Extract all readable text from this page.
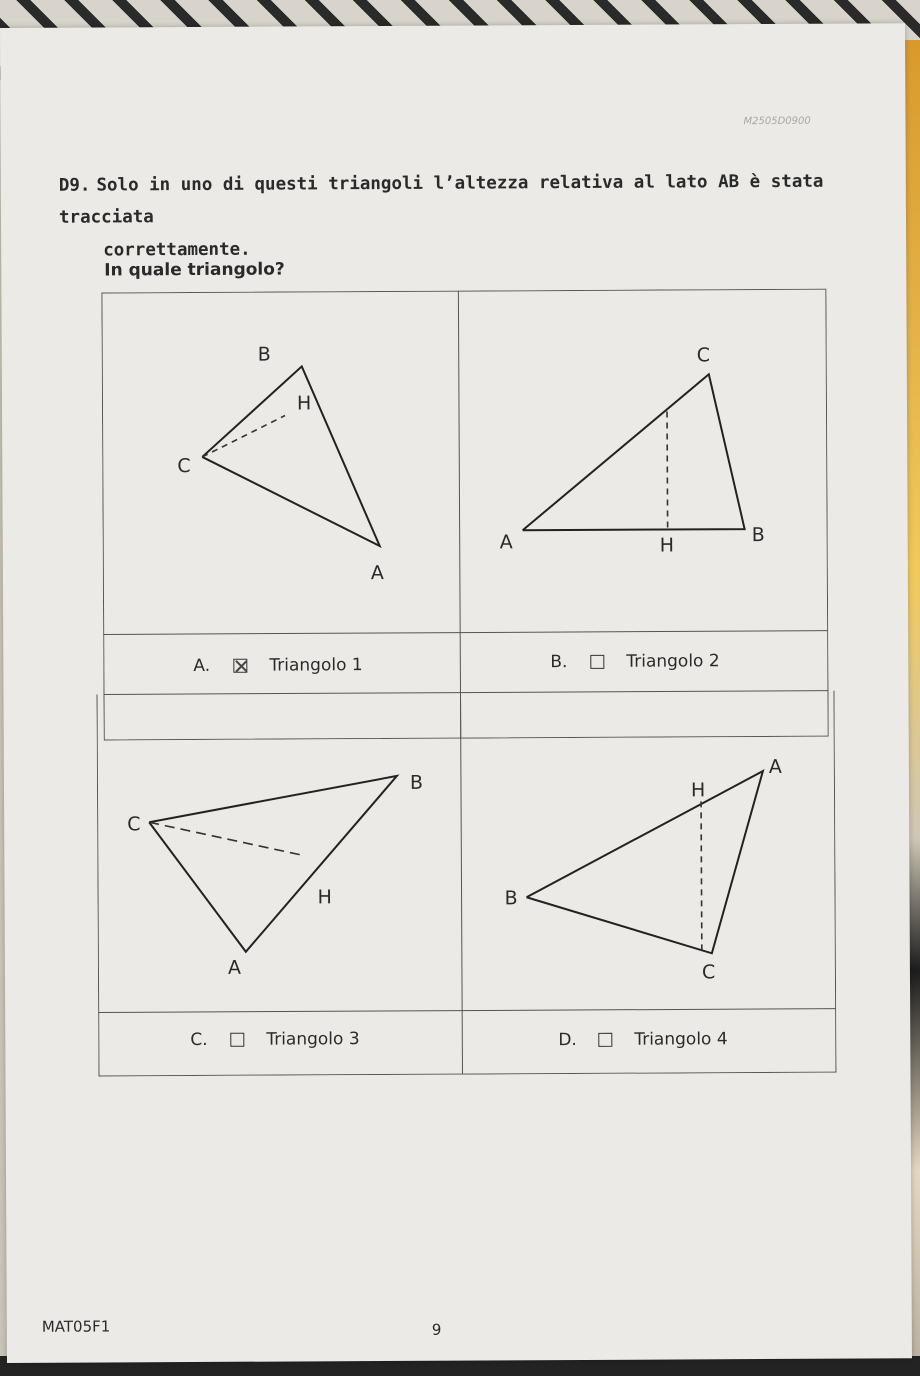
M2505D0900
D9. Solo in uno di questi triangoli l’altezza relativa al lato AB è stata tracciata
correttamente.
In quale triangolo?
B
H
C
A
C
A	H	B
A.	Triangolo 1	B.	Triangolo 2
B
C
H
A
A
H
B
C
C.	Triangolo 3	D.	Triangolo 4
MAT05F1	9
